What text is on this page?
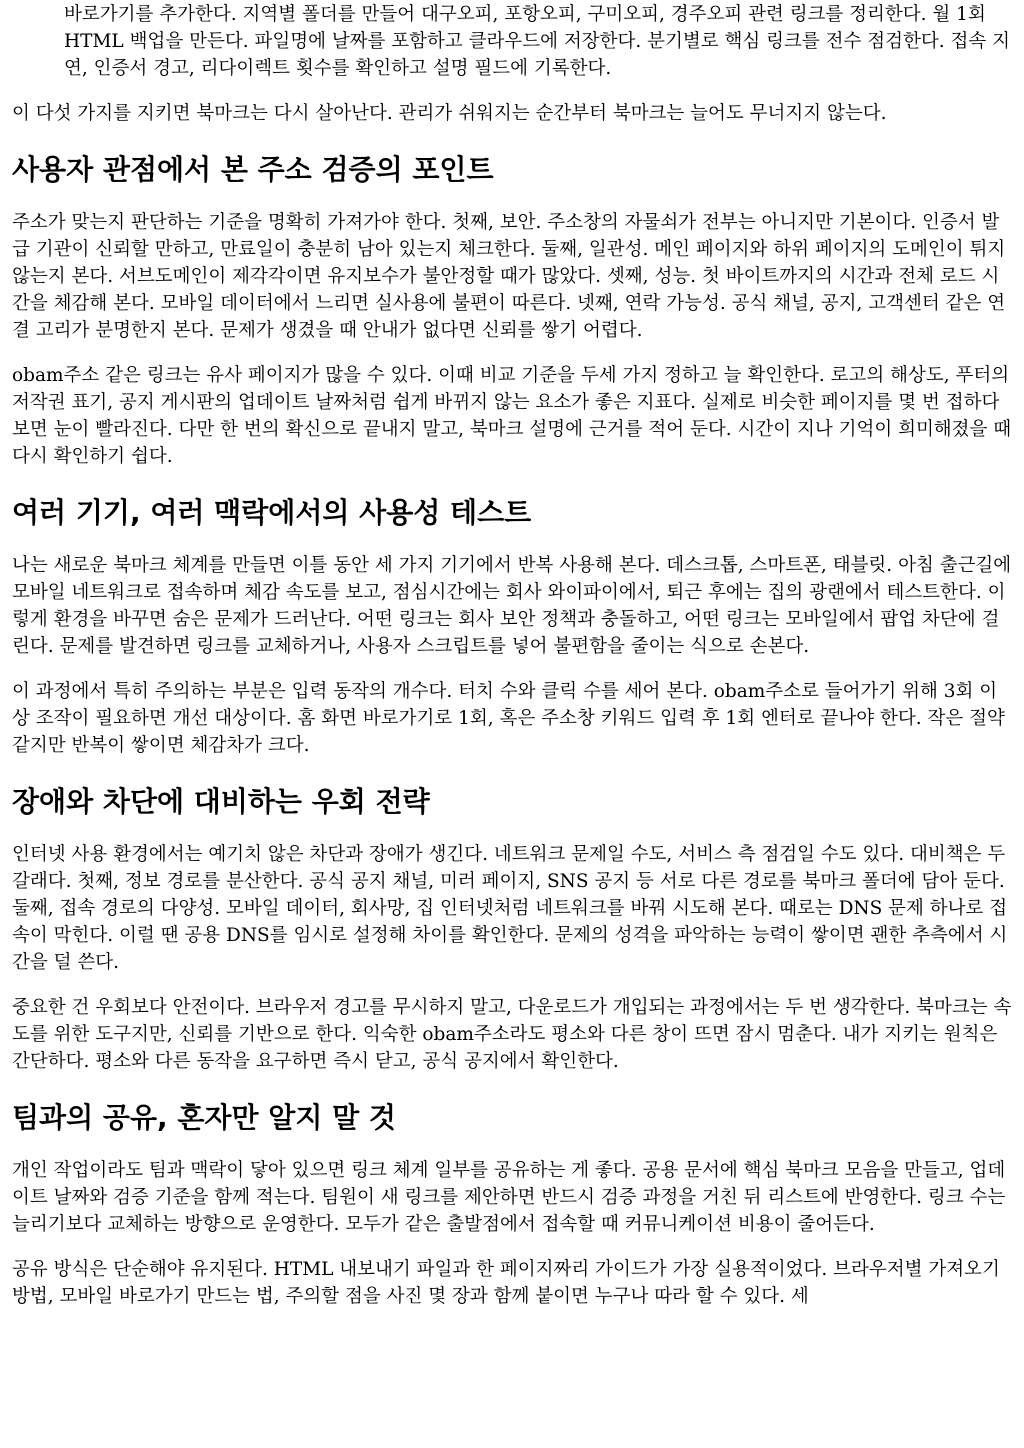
바로가기를 추가한다. 지역별 폴더를 만들어 대구오피, 포항오피, 구미오피, 경주오피 관련 링크를 정리한다. 월 1회 HTML 백업을 만든다. 파일명에 날짜를 포함하고 클라우드에 저장한다. 분기별로 핵심 링크를 전수 점검한다. 접속 지연, 인증서 경고, 리다이렉트 횟수를 확인하고 설명 필드에 기록한다.

이 다섯 가지를 지키면 북마크는 다시 살아난다. 관리가 쉬워지는 순간부터 북마크는 늘어도 무너지지 않는다.

사용자 관점에서 본 주소 검증의 포인트

주소가 맞는지 판단하는 기준을 명확히 가져가야 한다. 첫째, 보안. 주소창의 자물쇠가 전부는 아니지만 기본이다. 인증서 발급 기관이 신뢰할 만하고, 만료일이 충분히 남아 있는지 체크한다. 둘째, 일관성. 메인 페이지와 하위 페이지의 도메인이 튀지 않는지 본다. 서브도메인이 제각각이면 유지보수가 불안정할 때가 많았다. 셋째, 성능. 첫 바이트까지의 시간과 전체 로드 시간을 체감해 본다. 모바일 데이터에서 느리면 실사용에 불편이 따른다. 넷째, 연락 가능성. 공식 채널, 공지, 고객센터 같은 연결 고리가 분명한지 본다. 문제가 생겼을 때 안내가 없다면 신뢰를 쌓기 어렵다.

obam주소 같은 링크는 유사 페이지가 많을 수 있다. 이때 비교 기준을 두세 가지 정하고 늘 확인한다. 로고의 해상도, 푸터의 저작권 표기, 공지 게시판의 업데이트 날짜처럼 쉽게 바뀌지 않는 요소가 좋은 지표다. 실제로 비슷한 페이지를 몇 번 접하다 보면 눈이 빨라진다. 다만 한 번의 확신으로 끝내지 말고, 북마크 설명에 근거를 적어 둔다. 시간이 지나 기억이 희미해졌을 때 다시 확인하기 쉽다.

여러 기기, 여러 맥락에서의 사용성 테스트

나는 새로운 북마크 체계를 만들면 이틀 동안 세 가지 기기에서 반복 사용해 본다. 데스크톱, 스마트폰, 태블릿. 아침 출근길에 모바일 네트워크로 접속하며 체감 속도를 보고, 점심시간에는 회사 와이파이에서, 퇴근 후에는 집의 광랜에서 테스트한다. 이렇게 환경을 바꾸면 숨은 문제가 드러난다. 어떤 링크는 회사 보안 정책과 충돌하고, 어떤 링크는 모바일에서 팝업 차단에 걸린다. 문제를 발견하면 링크를 교체하거나, 사용자 스크립트를 넣어 불편함을 줄이는 식으로 손본다.

이 과정에서 특히 주의하는 부분은 입력 동작의 개수다. 터치 수와 클릭 수를 세어 본다. obam주소로 들어가기 위해 3회 이상 조작이 필요하면 개선 대상이다. 홈 화면 바로가기로 1회, 혹은 주소창 키워드 입력 후 1회 엔터로 끝나야 한다. 작은 절약 같지만 반복이 쌓이면 체감차가 크다.

장애와 차단에 대비하는 우회 전략

인터넷 사용 환경에서는 예기치 않은 차단과 장애가 생긴다. 네트워크 문제일 수도, 서비스 측 점검일 수도 있다. 대비책은 두 갈래다. 첫째, 정보 경로를 분산한다. 공식 공지 채널, 미러 페이지, SNS 공지 등 서로 다른 경로를 북마크 폴더에 담아 둔다. 둘째, 접속 경로의 다양성. 모바일 데이터, 회사망, 집 인터넷처럼 네트워크를 바꿔 시도해 본다. 때로는 DNS 문제 하나로 접속이 막힌다. 이럴 땐 공용 DNS를 임시로 설정해 차이를 확인한다. 문제의 성격을 파악하는 능력이 쌓이면 괜한 추측에서 시간을 덜 쓴다.

중요한 건 우회보다 안전이다. 브라우저 경고를 무시하지 말고, 다운로드가 개입되는 과정에서는 두 번 생각한다. 북마크는 속도를 위한 도구지만, 신뢰를 기반으로 한다. 익숙한 obam주소라도 평소와 다른 창이 뜨면 잠시 멈춘다. 내가 지키는 원칙은 간단하다. 평소와 다른 동작을 요구하면 즉시 닫고, 공식 공지에서 확인한다.

팀과의 공유, 혼자만 알지 말 것

개인 작업이라도 팀과 맥락이 닿아 있으면 링크 체계 일부를 공유하는 게 좋다. 공용 문서에 핵심 북마크 모음을 만들고, 업데이트 날짜와 검증 기준을 함께 적는다. 팀원이 새 링크를 제안하면 반드시 검증 과정을 거친 뒤 리스트에 반영한다. 링크 수는 늘리기보다 교체하는 방향으로 운영한다. 모두가 같은 출발점에서 접속할 때 커뮤니케이션 비용이 줄어든다.

공유 방식은 단순해야 유지된다. HTML 내보내기 파일과 한 페이지짜리 가이드가 가장 실용적이었다. 브라우저별 가져오기 방법, 모바일 바로가기 만드는 법, 주의할 점을 사진 몇 장과 함께 붙이면 누구나 따라 할 수 있다. 세
